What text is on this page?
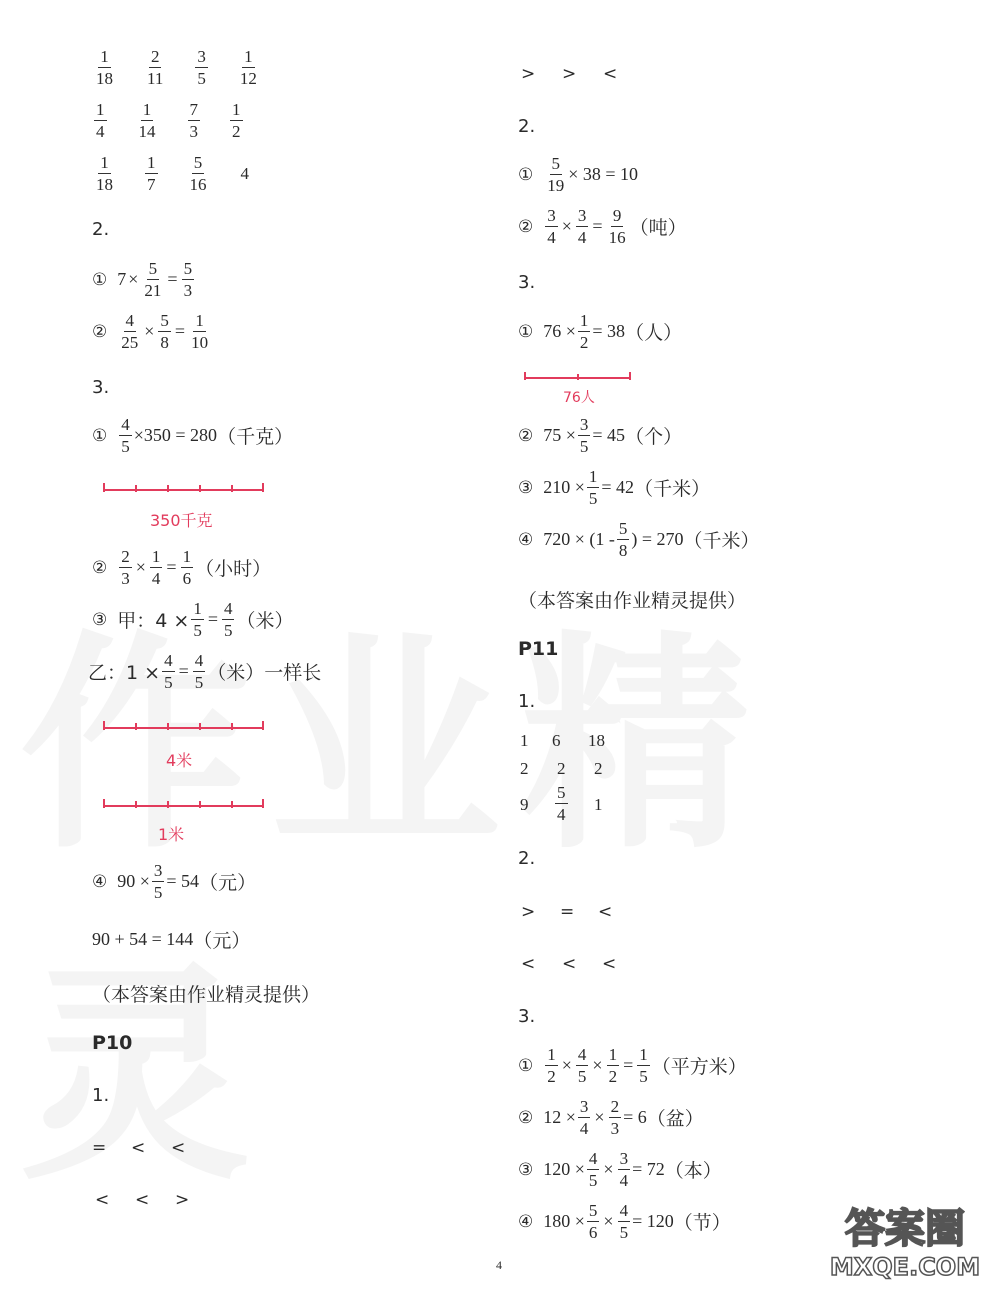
$\frac{1}{18} \frac{2}{11} \frac{3}{5} \frac{1}{12}$
$\frac{1}{4} \frac{1}{14} \frac{7}{3} \frac{1}{2}$
$\frac{1}{18} \frac{1}{7} \frac{5}{16} 4$
2.
① $7 \times \frac{5}{21} = \frac{5}{3}$
② $\frac{4}{25} \times \frac{5}{8} = \frac{1}{10}$
3.
① $\frac{4}{5} \times 350 = 280$ （千克）
350千克
② $\frac{2}{3} \times \frac{1}{4} = \frac{1}{6}$ （小时）
③ 甲：$4 \times \frac{1}{5} = \frac{4}{5}$ （米）
乙：$1 \times \frac{4}{5} = \frac{4}{5}$ （米）一样长
4米
1米
④ $90 \times \frac{3}{5} = 54$ （元）
90 + 54 = 144 （元）
（本答案由作业精灵提供）
P10
1.
= < <
< < >
> > <
2.
① $\frac{5}{19} \times 38 = 10$
② $\frac{3}{4} \times \frac{3}{4} = \frac{9}{16}$ （吨）
3.
① $76 \times \frac{1}{2} = 38$ （人）
76人
② $75 \times \frac{3}{5} = 45$ （个）
③ $210 \times \frac{1}{5} = 42$ （千米）
④ $720 \times (1 - \frac{5}{8}$ ) = 270 （千米）
（本答案由作业精灵提供）
P11
1.
1 6 18
2 2 2
$9 \frac{5}{4} 1$
2.
> = <
< < <
3.
① $\frac{1}{2} \times \frac{4}{5} \times \frac{1}{2} = \frac{1}{5}$ （平方米）
② $12 \times \frac{3}{4} \times \frac{2}{3} = 6$ （盆）
③ $120 \times \frac{4}{5} \times \frac{3}{4} = 72$ （本）
④ $180 \times \frac{5}{6} \times \frac{4}{5} = 120$ （节）
4
答案圈
MXQE.COM
